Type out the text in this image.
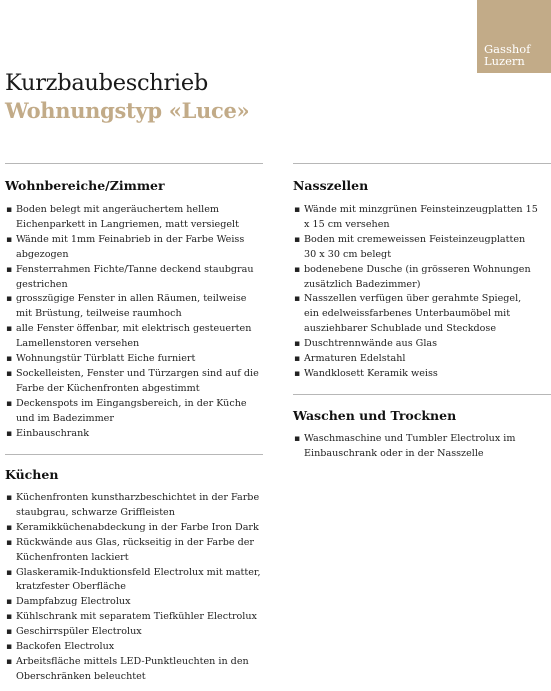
Gasshof
Luzern
Kurzbaubeschrieb
Wohnungstyp «Luce»
Wohnbereiche/Zimmer
▪ Boden belegt mit angeräuchertem hellem Eichenparkett in Langriemen, matt versiegelt
▪ Wände mit 1mm Feinabrieb in der Farbe Weiss abgezogen
▪ Fensterrahmen Fichte/Tanne deckend staubgrau gestrichen
▪ grosszügige Fenster in allen Räumen, teilweise mit Brüstung, teilweise raumhoch
▪ alle Fenster öffenbar, mit elektrisch gesteuerten Lamellenstoren versehen
▪ Wohnungstür Türblatt Eiche furniert
▪ Sockelleisten, Fenster und Türzargen sind auf die Farbe der Küchenfronten abgestimmt
▪ Deckenspots im Eingangsbereich, in der Küche und im Badezimmer
▪ Einbauschrank
Küchen
▪ Küchenfronten kunstharzbeschichtet in der Farbe staubgrau, schwarze Griffleisten
▪ Keramikküchenabdeckung in der Farbe Iron Dark
▪ Rückwände aus Glas, rückseitig in der Farbe der Küchenfronten lackiert
▪ Glaskeramik-Induktionsfeld Electrolux mit matter, kratzfester Oberfläche
▪ Dampfabzug Electrolux
▪ Kühlschrank mit separatem Tiefkühler Electrolux
▪ Geschirrspüler Electrolux
▪ Backofen Electrolux
▪ Arbeitsfläche mittels LED-Punktleuchten in den Oberschränken beleuchtet
Nasszellen
▪ Wände mit minzgrünen Feinsteinzeugplatten 15 x 15 cm versehen
▪ Boden mit cremeweissen Feisteinzeugplatten 30 x 30 cm belegt
▪ bodenebene Dusche (in grösseren Wohnungen zusätzlich Badezimmer)
▪ Nasszellen verfügen über gerahmte Spiegel, ein edelweissfarbenes Unterbaumöbel mit ausziehbarer Schublade und Steckdose
▪ Duschtrennwände aus Glas
▪ Armaturen Edelstahl
▪ Wandklosett Keramik weiss
Waschen und Trocknen
▪ Waschmaschine und Tumbler Electrolux im Einbauschrank oder in der Nasszelle
